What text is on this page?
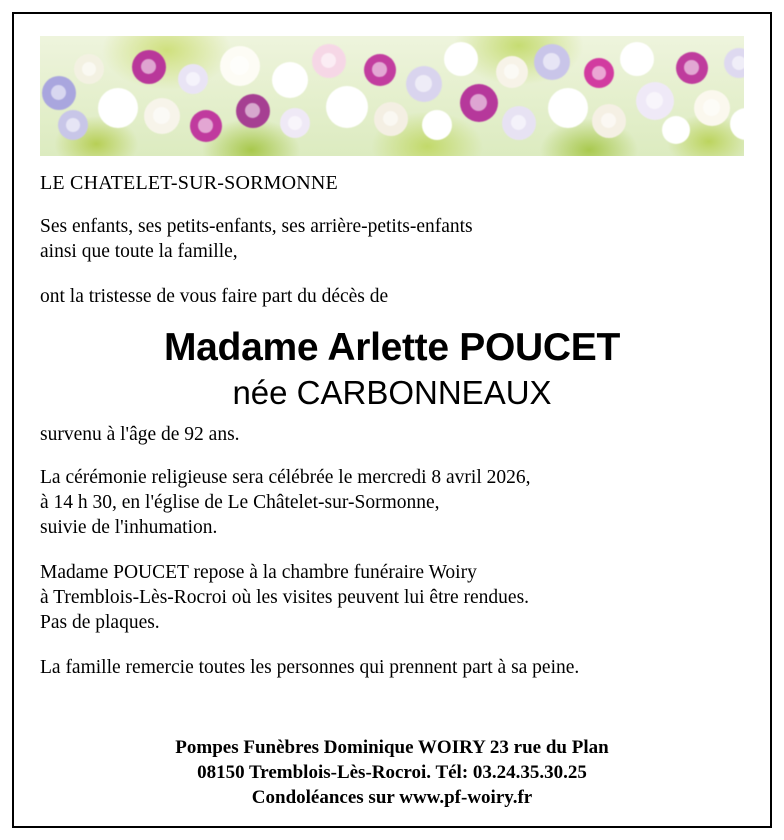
LE CHATELET-SUR-SORMONNE
Ses enfants, ses petits-enfants, ses arrière-petits-enfants
ainsi que toute la famille,
ont la tristesse de vous faire part du décès de
Madame Arlette POUCET
née CARBONNEAUX
survenu à l'âge de 92 ans.
La cérémonie religieuse sera célébrée le mercredi 8 avril 2026,
à 14 h 30, en l'église de Le Châtelet-sur-Sormonne,
suivie de l'inhumation.
Madame POUCET repose à la chambre funéraire Woiry
à Tremblois-Lès-Rocroi où les visites peuvent lui être rendues.
Pas de plaques.
La famille remercie toutes les personnes qui prennent part à sa peine.
Pompes Funèbres Dominique WOIRY 23 rue du Plan
08150 Tremblois-Lès-Rocroi. Tél: 03.24.35.30.25
Condoléances sur www.pf-woiry.fr
